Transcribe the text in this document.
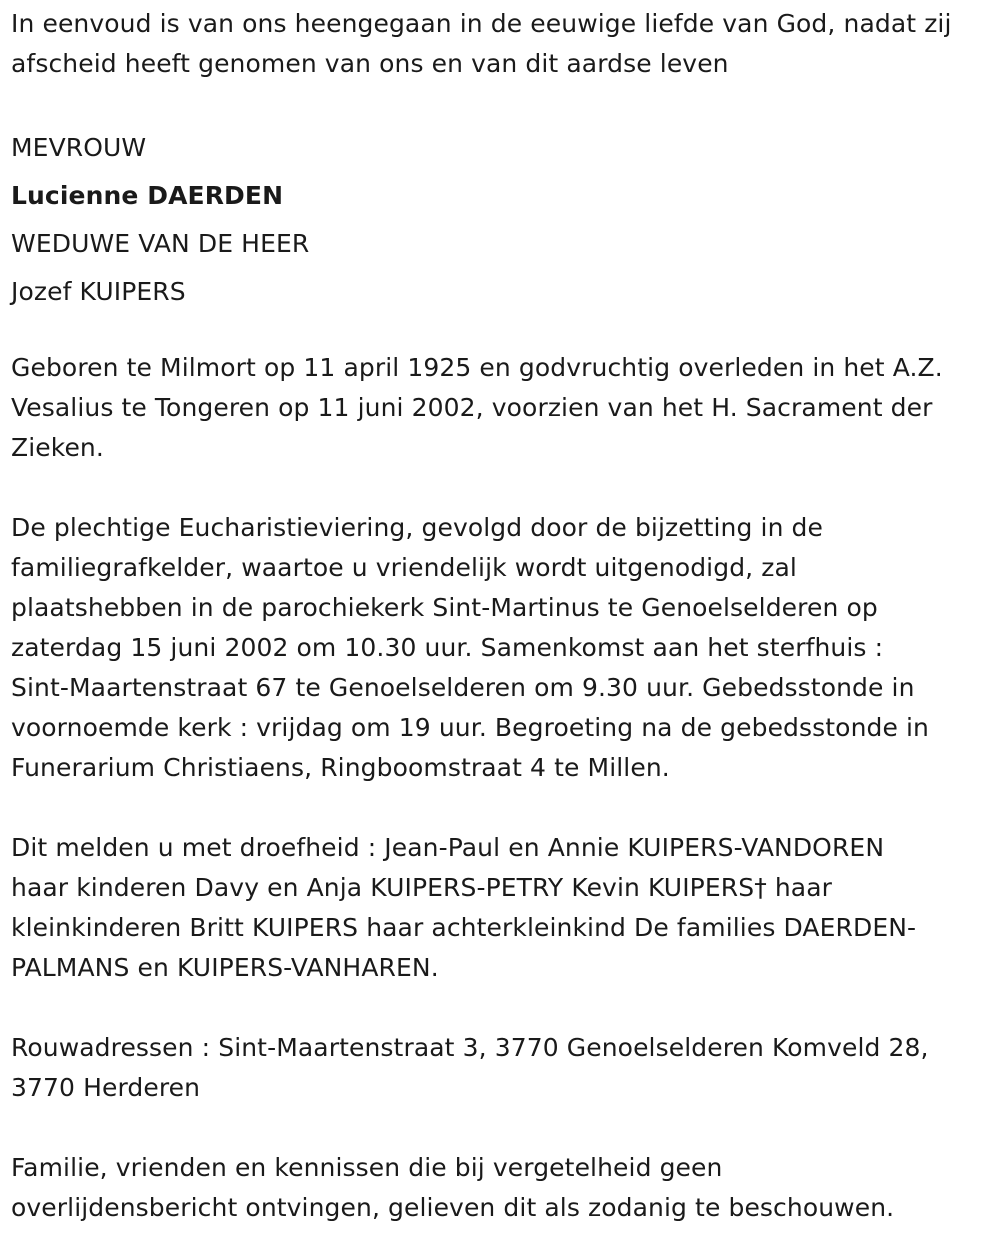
In eenvoud is van ons heengegaan in de eeuwige liefde van God, nadat zij
afscheid heeft genomen van ons en van dit aardse leven
MEVROUW
Lucienne DAERDEN
WEDUWE VAN DE HEER
Jozef KUIPERS
Geboren te Milmort op 11 april 1925 en godvruchtig overleden in het A.Z.
Vesalius te Tongeren op 11 juni 2002, voorzien van het H. Sacrament der
Zieken.
De plechtige Eucharistieviering, gevolgd door de bijzetting in de
familiegrafkelder, waartoe u vriendelijk wordt uitgenodigd, zal
plaatshebben in de parochiekerk Sint-Martinus te Genoelselderen op
zaterdag 15 juni 2002 om 10.30 uur. Samenkomst aan het sterfhuis :
Sint-Maartenstraat 67 te Genoelselderen om 9.30 uur. Gebedsstonde in
voornoemde kerk : vrijdag om 19 uur. Begroeting na de gebedsstonde in
Funerarium Christiaens, Ringboomstraat 4 te Millen.
Dit melden u met droefheid : Jean-Paul en Annie KUIPERS-VANDOREN
haar kinderen Davy en Anja KUIPERS-PETRY Kevin KUIPERS† haar
kleinkinderen Britt KUIPERS haar achterkleinkind De families DAERDEN-
PALMANS en KUIPERS-VANHAREN.
Rouwadressen : Sint-Maartenstraat 3, 3770 Genoelselderen Komveld 28,
3770 Herderen
Familie, vrienden en kennissen die bij vergetelheid geen
overlijdensbericht ontvingen, gelieven dit als zodanig te beschouwen.
